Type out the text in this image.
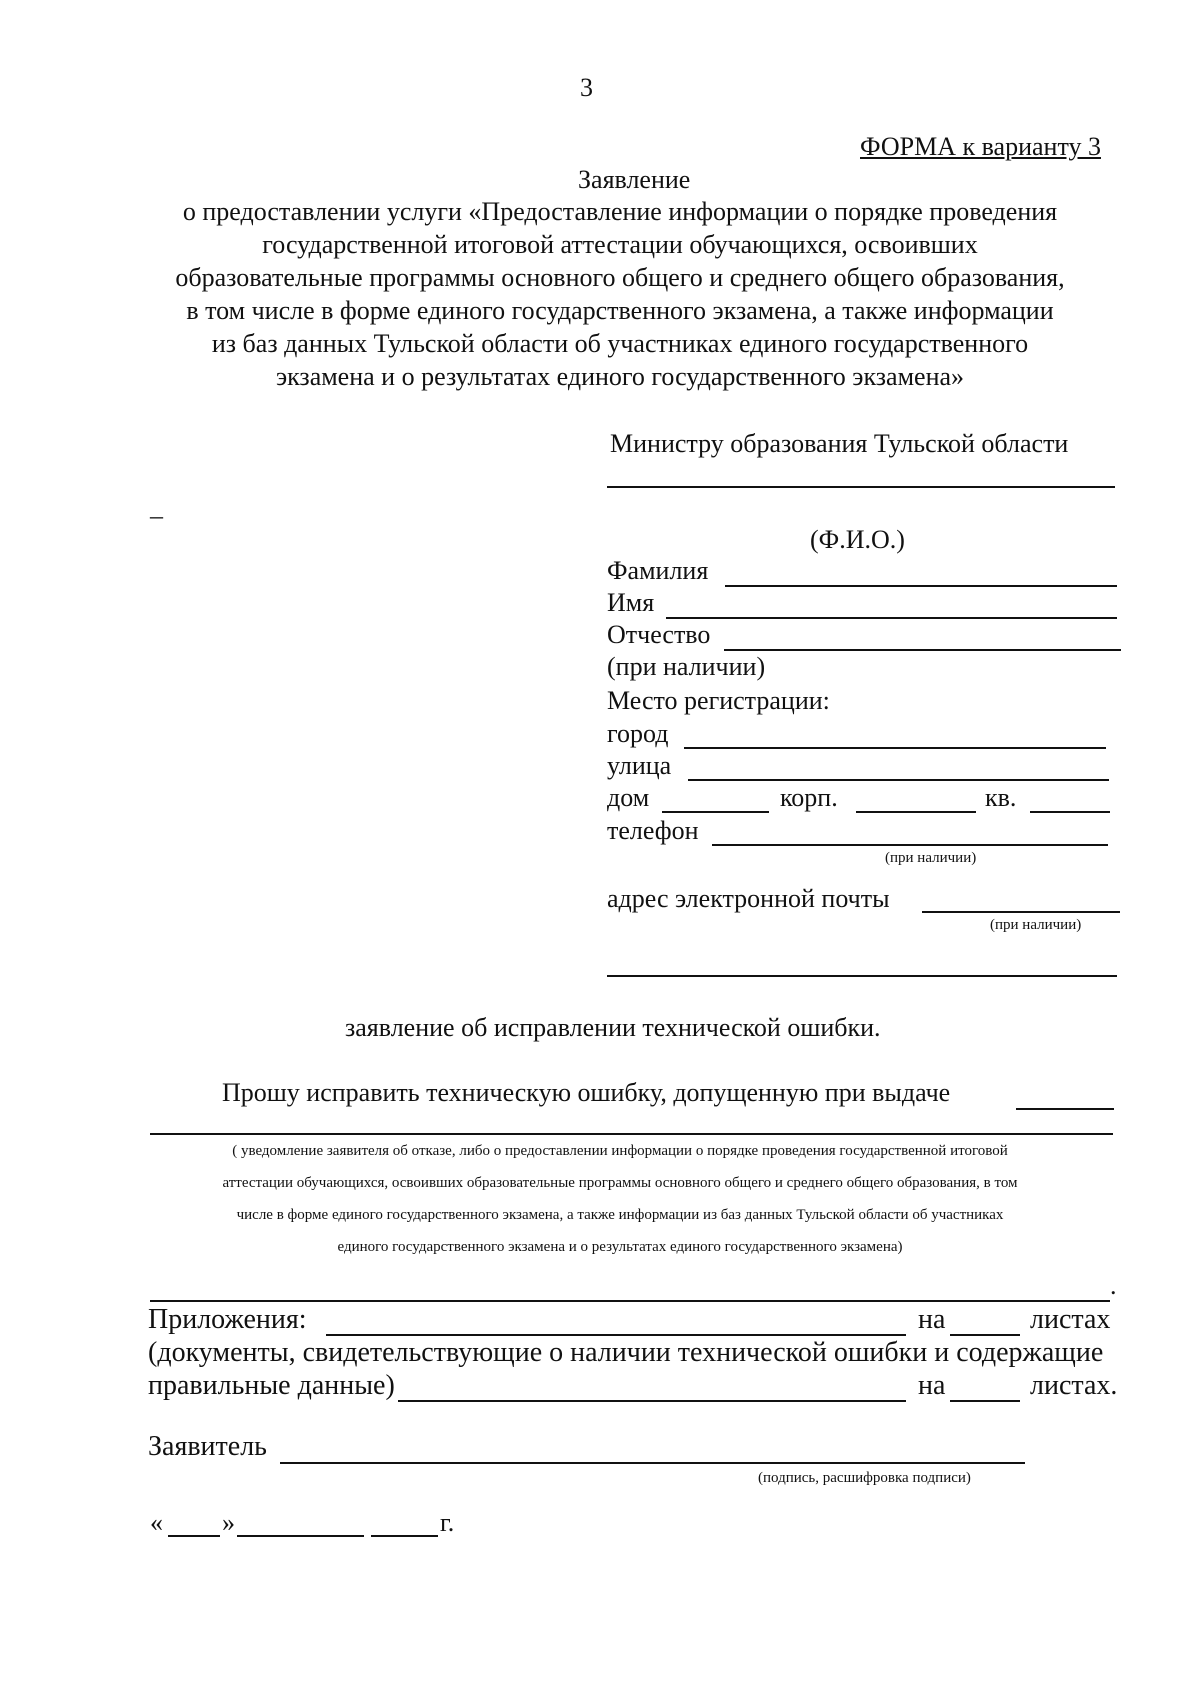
3
ФОРМА к варианту 3
Заявление
о предоставлении услуги «Предоставление информации о порядке проведения
государственной итоговой аттестации обучающихся, освоивших
образовательные программы основного общего и среднего общего образования,
в том числе в форме единого государственного экзамена, а также информации
из баз данных Тульской области об участниках единого государственного
экзамена и о результатах единого государственного экзамена»
Министру образования Тульской области
–
(Ф.И.О.)
Фамилия
Имя
Отчество
(при наличии)
Место регистрации:
город
улица
дом	корп.	кв.
телефон
(при наличии)
адрес электронной почты
(при наличии)
заявление об исправлении технической ошибки.
Прошу исправить техническую ошибку, допущенную при выдаче
( уведомление заявителя об отказе, либо о предоставлении информации о порядке проведения государственной итоговой
аттестации обучающихся, освоивших образовательные программы основного общего и среднего общего образования, в том
числе в форме единого государственного экзамена, а также информации из баз данных Тульской области об участниках
единого государственного экзамена и о результатах единого государственного экзамена)
.
Приложения:	на	листах
(документы, свидетельствующие о наличии технической ошибки и содержащие
правильные данные)	на	листах.
Заявитель
(подпись, расшифровка подписи)
« »	г.
